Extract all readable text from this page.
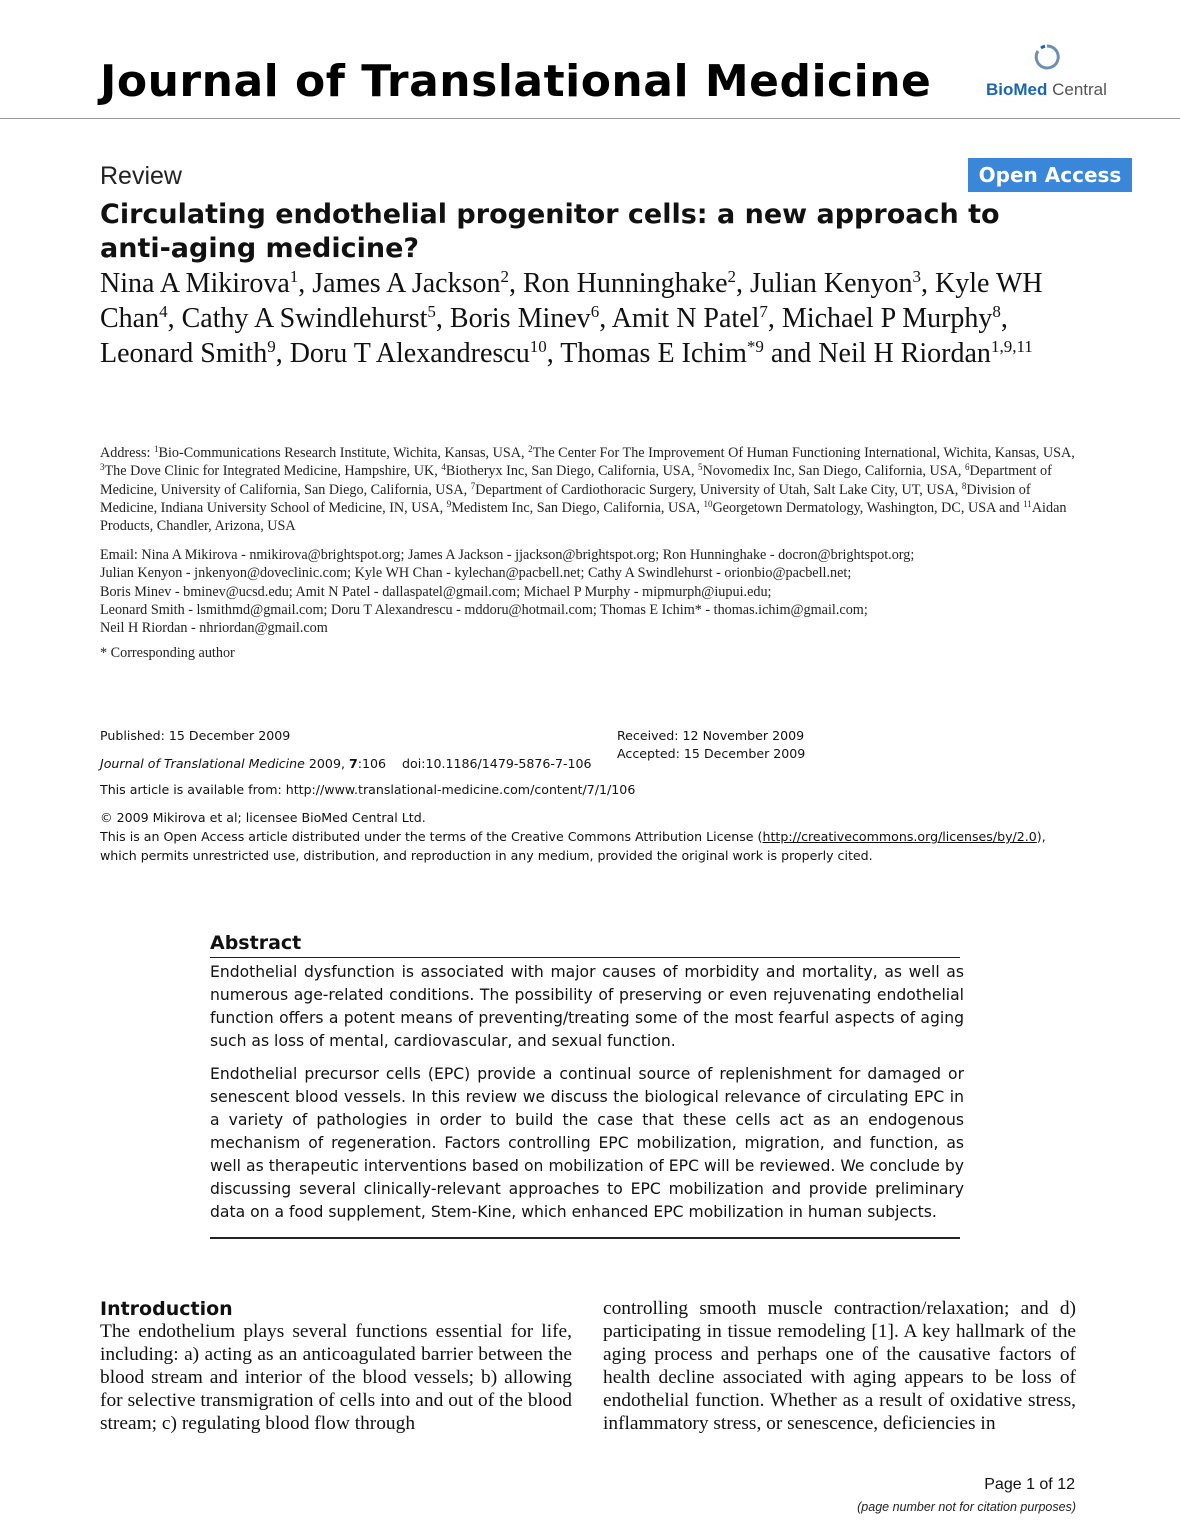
Journal of Translational Medicine	BioMed Central
Review	Open Access
Circulating endothelial progenitor cells: a new approach to anti-aging medicine?
Nina A Mikirova$^1$, James A Jackson$^2$, Ron Hunninghake$^2$, Julian Kenyon$^3$, Kyle WH Chan$^4$, Cathy A Swindlehurst$^5$, Boris Minev$^6$, Amit N Patel$^7$, Michael P Murphy$^8$, Leonard Smith$^9$, Doru T Alexandrescu$^{10}$, Thomas E Ichim$^{*9}$ and Neil H Riordan$^{1,9,11}$
Address: $^1$Bio-Communications Research Institute, Wichita, Kansas, USA, $^2$The Center For The Improvement Of Human Functioning International, Wichita, Kansas, USA, $^3$The Dove Clinic for Integrated Medicine, Hampshire, UK, $^4$Biotheryx Inc, San Diego, California, USA, $^5$Novomedix Inc, San Diego, California, USA, $^6$Department of Medicine, University of California, San Diego, California, USA, $^7$Department of Cardiothoracic Surgery, University of Utah, Salt Lake City, UT, USA, $^8$Division of Medicine, Indiana University School of Medicine, IN, USA, $^9$Medistem Inc, San Diego, California, USA, $^{10}$Georgetown Dermatology, Washington, DC, USA and $^{11}$Aidan Products, Chandler, Arizona, USA
Email: Nina A Mikirova - nmikirova@brightspot.org; James A Jackson - jjackson@brightspot.org; Ron Hunninghake - docron@brightspot.org;
Julian Kenyon - jnkenyon@doveclinic.com; Kyle WH Chan - kylechan@pacbell.net; Cathy A Swindlehurst - orionbio@pacbell.net;
Boris Minev - bminev@ucsd.edu; Amit N Patel - dallaspatel@gmail.com; Michael P Murphy - mipmurph@iupui.edu;
Leonard Smith - lsmithmd@gmail.com; Doru T Alexandrescu - mddoru@hotmail.com; Thomas E Ichim* - thomas.ichim@gmail.com;
Neil H Riordan - nhriordan@gmail.com
* Corresponding author
Published: 15 December 2009
Journal of Translational Medicine 2009, 7:106    doi:10.1186/1479-5876-7-106
Received: 12 November 2009
Accepted: 15 December 2009
This article is available from: http://www.translational-medicine.com/content/7/1/106
© 2009 Mikirova et al; licensee BioMed Central Ltd.
This is an Open Access article distributed under the terms of the Creative Commons Attribution License (http://creativecommons.org/licenses/by/2.0),
which permits unrestricted use, distribution, and reproduction in any medium, provided the original work is properly cited.
Abstract
Endothelial dysfunction is associated with major causes of morbidity and mortality, as well as numerous age-related conditions. The possibility of preserving or even rejuvenating endothelial function offers a potent means of preventing/treating some of the most fearful aspects of aging such as loss of mental, cardiovascular, and sexual function.
Endothelial precursor cells (EPC) provide a continual source of replenishment for damaged or senescent blood vessels. In this review we discuss the biological relevance of circulating EPC in a variety of pathologies in order to build the case that these cells act as an endogenous mechanism of regeneration. Factors controlling EPC mobilization, migration, and function, as well as therapeutic interventions based on mobilization of EPC will be reviewed. We conclude by discussing several clinically-relevant approaches to EPC mobilization and provide preliminary data on a food supplement, Stem-Kine, which enhanced EPC mobilization in human subjects.
Introduction
The endothelium plays several functions essential for life, including: a) acting as an anticoagulated barrier between the blood stream and interior of the blood vessels; b) allowing for selective transmigration of cells into and out of the blood stream; c) regulating blood flow through
controlling smooth muscle contraction/relaxation; and d) participating in tissue remodeling [1]. A key hallmark of the aging process and perhaps one of the causative factors of health decline associated with aging appears to be loss of endothelial function. Whether as a result of oxidative stress, inflammatory stress, or senescence, deficiencies in
Page 1 of 12
(page number not for citation purposes)
